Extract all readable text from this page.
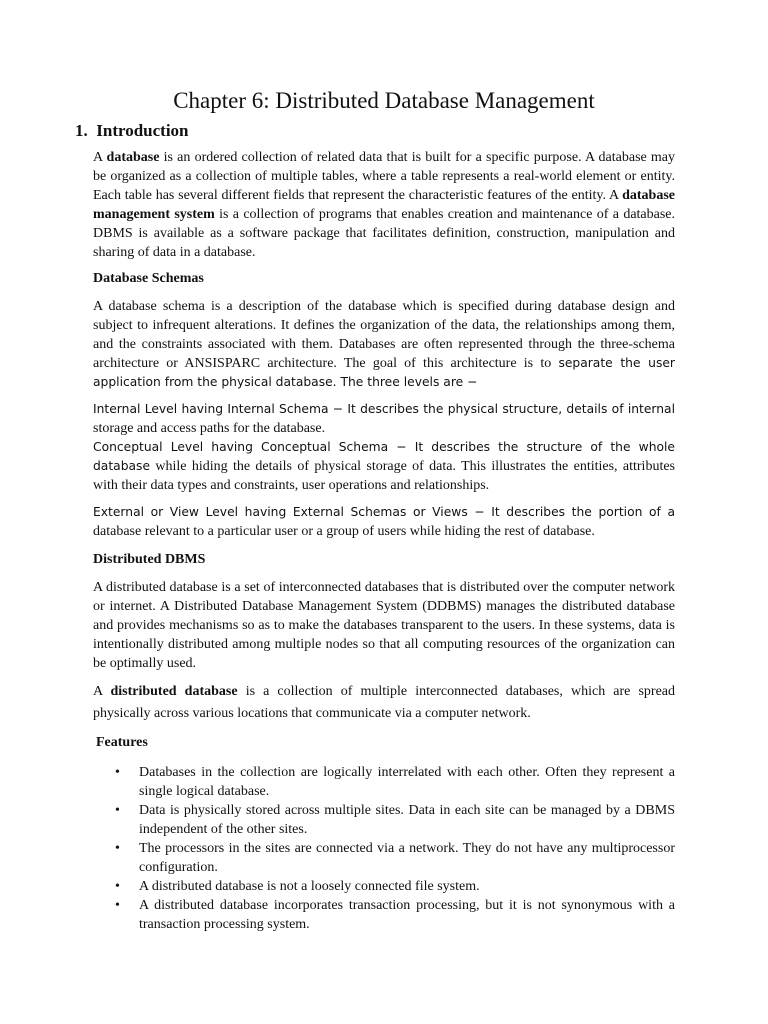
Chapter 6: Distributed Database Management
1. Introduction
A database is an ordered collection of related data that is built for a specific purpose. A database may be organized as a collection of multiple tables, where a table represents a real-world element or entity. Each table has several different fields that represent the characteristic features of the entity. A database management system is a collection of programs that enables creation and maintenance of a database. DBMS is available as a software package that facilitates definition, construction, manipulation and sharing of data in a database.
Database Schemas
A database schema is a description of the database which is specified during database design and subject to infrequent alterations. It defines the organization of the data, the relationships among them, and the constraints associated with them. Databases are often represented through the three-schema architecture or ANSISPARC architecture. The goal of this architecture is to separate the user application from the physical database. The three levels are −
Internal Level having Internal Schema − It describes the physical structure, details of internal storage and access paths for the database.
Conceptual Level having Conceptual Schema − It describes the structure of the whole database while hiding the details of physical storage of data. This illustrates the entities, attributes with their data types and constraints, user operations and relationships.
External or View Level having External Schemas or Views − It describes the portion of a database relevant to a particular user or a group of users while hiding the rest of database.
Distributed DBMS
A distributed database is a set of interconnected databases that is distributed over the computer network or internet. A Distributed Database Management System (DDBMS) manages the distributed database and provides mechanisms so as to make the databases transparent to the users. In these systems, data is intentionally distributed among multiple nodes so that all computing resources of the organization can be optimally used.
A distributed database is a collection of multiple interconnected databases, which are spread physically across various locations that communicate via a computer network.
Features
• Databases in the collection are logically interrelated with each other. Often they represent a single logical database.
• Data is physically stored across multiple sites. Data in each site can be managed by a DBMS independent of the other sites.
• The processors in the sites are connected via a network. They do not have any multiprocessor configuration.
• A distributed database is not a loosely connected file system.
• A distributed database incorporates transaction processing, but it is not synonymous with a transaction processing system.
